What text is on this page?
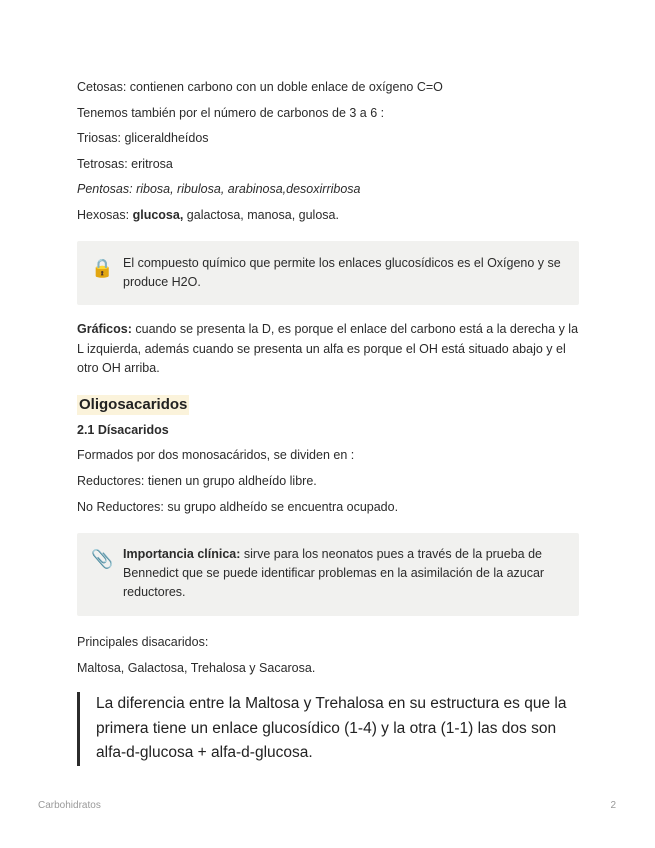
Cetosas: contienen carbono con un doble enlace de oxígeno C=O
Tenemos también por el número de carbonos de 3 a 6 :
Triosas: gliceraldheídos
Tetrosas: eritrosa
Pentosas: ribosa, ribulosa, arabinosa,desoxirribosa
Hexosas: glucosa, galactosa, manosa, gulosa.
🔒 El compuesto químico que permite los enlaces glucosídicos es el Oxígeno y se produce H2O.
Gráficos: cuando se presenta la D, es porque el enlace del carbono está a la derecha y la L izquierda, además cuando se presenta un alfa es porque el OH está situado abajo y el otro OH arriba.
Oligosacaridos
2.1 Dísacaridos
Formados por dos monosacáridos, se dividen en :
Reductores: tienen un grupo aldheído libre.
No Reductores: su grupo aldheído se encuentra ocupado.
📎 Importancia clínica: sirve para los neonatos pues a través de la prueba de Bennedict que se puede identificar problemas en la asimilación de la azucar reductores.
Principales disacaridos:
Maltosa, Galactosa, Trehalosa y Sacarosa.
La diferencia entre la Maltosa y Trehalosa en su estructura es que la primera tiene un enlace glucosídico (1-4) y la otra (1-1) las dos son alfa-d-glucosa + alfa-d-glucosa.
Carbohidratos	2
